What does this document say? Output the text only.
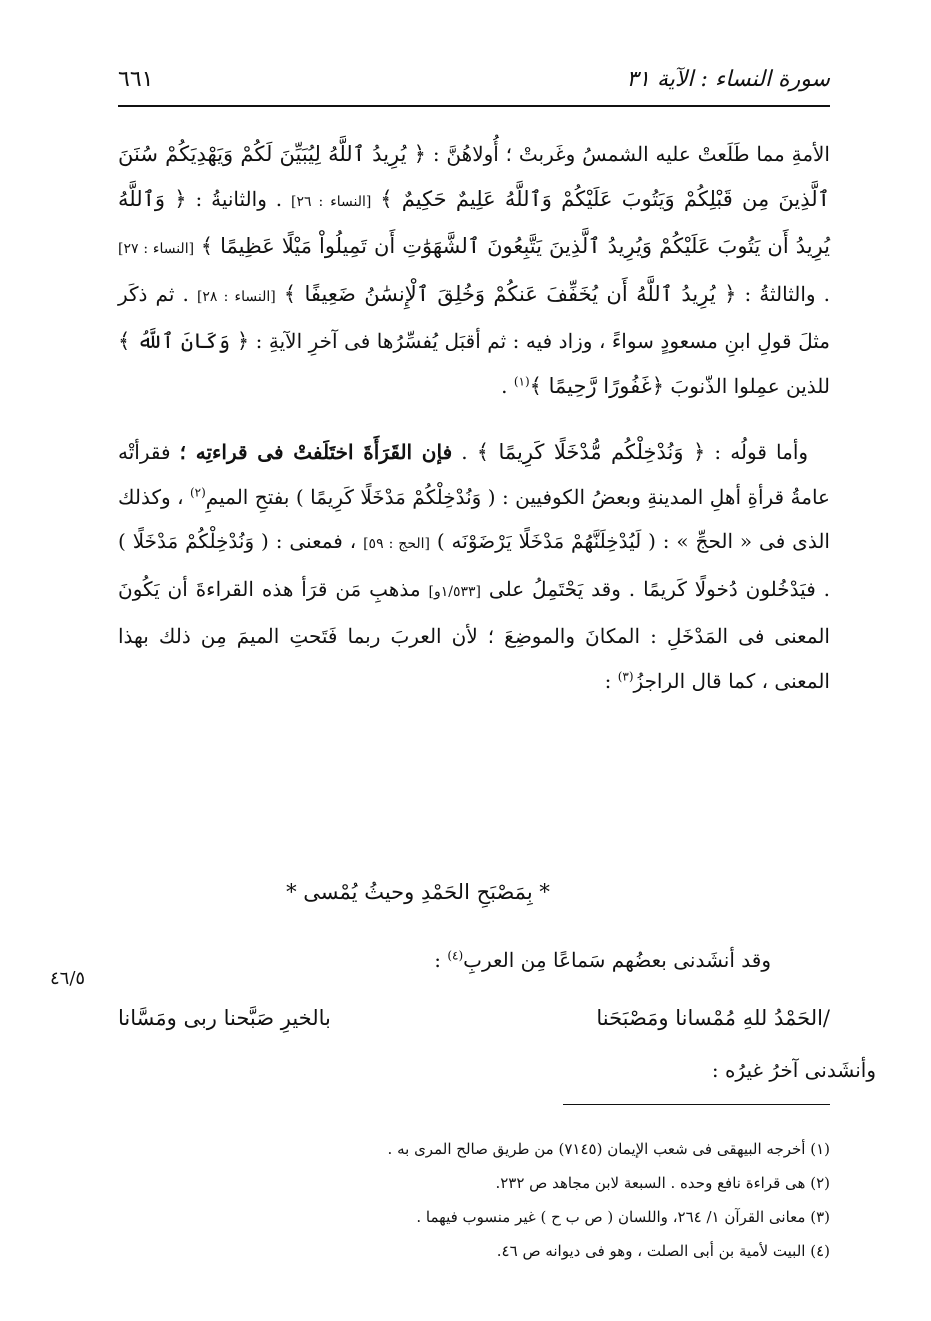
سورة النساء : الآية ٣١
٦٦١

الأمةِ مما طَلَعتْ عليه الشمسُ وغَربتْ ؛ أُولاهُنَّ : ﴿ يُرِيدُ ٱللَّهُ لِيُبَيِّنَ لَكُمْ وَيَهْدِيَكُمْ سُنَنَ ٱلَّذِينَ مِن قَبْلِكُمْ وَيَتُوبَ عَلَيْكُمْ وَٱللَّهُ عَلِيمٌ حَكِيمٌ ﴾ [النساء : ٢٦] . والثانيةُ : ﴿ وَٱللَّهُ يُرِيدُ أَن يَتُوبَ عَلَيْكُمْ وَيُرِيدُ ٱلَّذِينَ يَتَّبِعُونَ ٱلشَّهَوَٰتِ أَن تَمِيلُواْ مَيْلًا عَظِيمًا ﴾ [النساء : ٢٧] . والثالثةُ : ﴿ يُرِيدُ ٱللَّهُ أَن يُخَفِّفَ عَنكُمْ وَخُلِقَ ٱلْإِنسَٰنُ ضَعِيفًا ﴾ [النساء : ٢٨] . ثم ذكَر مثلَ قولِ ابنِ مسعودٍ سواءً ، وزاد فيه : ثم أقبَل يُفسِّرُها فى آخرِ الآيةِ : ﴿ وَكَانَ ٱللَّهُ ﴾ للذين عمِلوا الذّنوبَ ﴿غَفُورًا رَّحِيمًا ﴾$^{(١)}$ .

وأما قولُه : ﴿ وَنُدْخِلْكُم مُّدْخَلًا كَرِيمًا ﴾ . فإن القَرَأَةَ اختَلَفتْ فى قراءتِه ؛ فقرأتْه عامةُ قرأةِ أهلِ المدينةِ وبعضُ الكوفيين : ( وَنُدْخِلْكُمْ مَدْخَلًا كَرِيمًا ) بفتحِ الميمِ$^{(٢)}$ ، وكذلك الذى فى « الحجِّ » : ( لَيُدْخِلَنَّهُمْ مَدْخَلًا يَرْضَوْنَه ) [الحج : ٥٩] ، فمعنى : ( وَنُدْخِلْكُمْ مَدْخَلًا ) . فيَدْخُلون دُخولًا كَريمًا . وقد يَحْتَمِلُ على [١/٥٣٣و] مذهبِ مَن قرَأ هذه القراءةَ أن يَكُونَ المعنى فى المَدْخَلِ : المكانَ والموضِعَ ؛ لأن العربَ ربما فَتَحتِ الميمَ مِن ذلك بهذا المعنى ، كما قال الراجزُ$^{(٣)}$ :

* بِمَصْبَحِ الحَمْدِ وحيثُ يُمْسى *
وقد أنشَدنى بعضُهم سَماعًا مِن العربِ$^{(٤)}$ :
٤٦/٥
/الحَمْدُ للهِ مُمْسانا ومَصْبَحَنا
بالخيرِ صَبَّحنا ربى ومَسَّانا
وأنشَدنى آخرُ غيرُه :
(١) أخرجه البيهقى فى شعب الإيمان (٧١٤٥) من طريق صالح المرى به .
(٢) هى قراءة نافع وحده . السبعة لابن مجاهد ص ٢٣٢.
(٣) معانى القرآن ١/ ٢٦٤، واللسان ( ص ب ح ) غير منسوب فيهما .
(٤) البيت لأمية بن أبى الصلت ، وهو فى ديوانه ص ٤٦.
